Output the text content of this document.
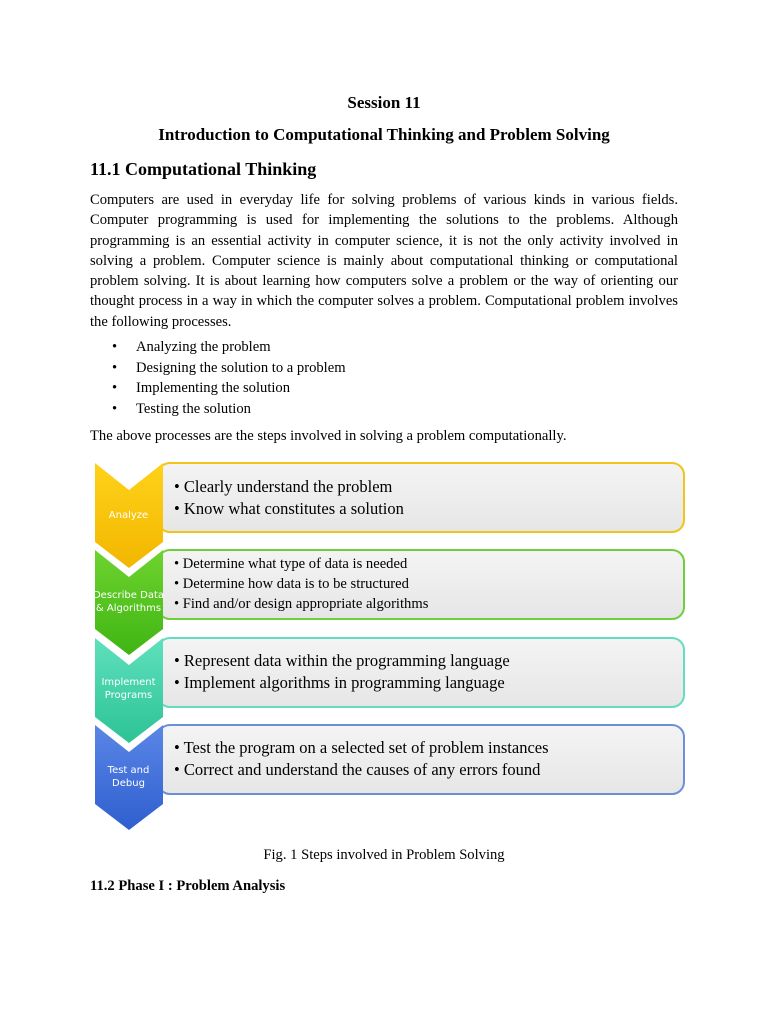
Session 11
Introduction to Computational Thinking and Problem Solving
11.1 Computational Thinking

Computers are used in everyday life for solving problems of various kinds in various fields. Computer programming is used for implementing the solutions to the problems. Although programming is an essential activity in computer science, it is not the only activity involved in solving a problem. Computer science is mainly about computational thinking or computational problem solving. It is about learning how computers solve a problem or the way of orienting our thought process in a way in which the computer solves a problem. Computational problem involves the following processes.

• Analyzing the problem
• Designing the solution to a problem
• Implementing the solution
• Testing the solution
The above processes are the steps involved in solving a problem computationally.
Analyze
Describe Data & Algorithms
Implement Programs
Test and Debug
• Clearly understand the problem
• Know what constitutes a solution
• Determine what type of data is needed
• Determine how data is to be structured
• Find and/or design appropriate algorithms
• Represent data within the programming language
• Implement algorithms in programming language
• Test the program on a selected set of problem instances
• Correct and understand the causes of any errors found
Fig. 1 Steps involved in Problem Solving
11.2 Phase I : Problem Analysis
